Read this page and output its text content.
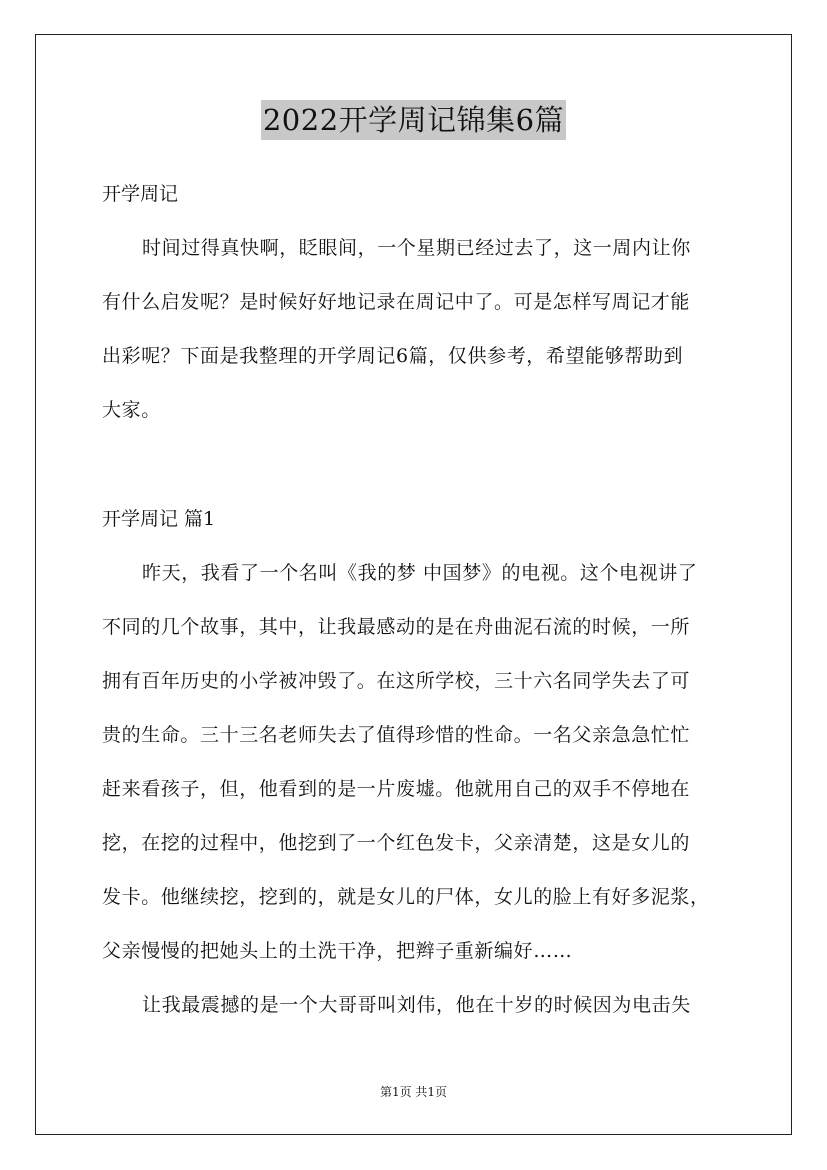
2022开学周记锦集6篇
开学周记
时间过得真快啊，眨眼间，一个星期已经过去了，这一周内让你
有什么启发呢？是时候好好地记录在周记中了。可是怎样写周记才能
出彩呢？下面是我整理的开学周记6篇，仅供参考，希望能够帮助到
大家。
开学周记 篇1
昨天，我看了一个名叫《我的梦 中国梦》的电视。这个电视讲了
不同的几个故事，其中，让我最感动的是在舟曲泥石流的时候，一所
拥有百年历史的小学被冲毁了。在这所学校，三十六名同学失去了可
贵的生命。三十三名老师失去了值得珍惜的性命。一名父亲急急忙忙
赶来看孩子，但，他看到的是一片废墟。他就用自己的双手不停地在
挖，在挖的过程中，他挖到了一个红色发卡，父亲清楚，这是女儿的
发卡。他继续挖，挖到的，就是女儿的尸体，女儿的脸上有好多泥浆，
父亲慢慢的把她头上的土洗干净，把辫子重新编好……
让我最震撼的是一个大哥哥叫刘伟，他在十岁的时候因为电击失
第1页 共1页
